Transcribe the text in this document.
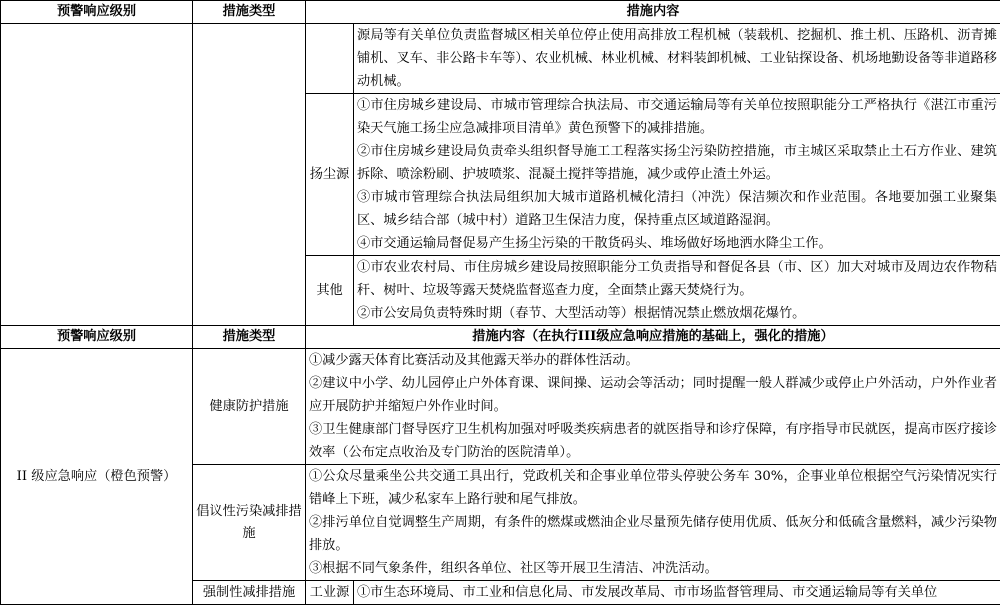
预警响应级别	措施类型	措施内容	

			源局等有关单位负责监督城区相关单位停止使用高排放工程机械（装载机、挖掘机、推土机、压路机、沥青摊铺机、叉车、非公路卡车等）、农业机械、林业机械、材料装卸机械、工业钻探设备、机场地勤设备等非道路移动机械。

		扬尘源	①市住房城乡建设局、市城市管理综合执法局、市交通运输局等有关单位按照职能分工严格执行《湛江市重污染天气施工扬尘应急减排项目清单》黄色预警下的减排措施。

②市住房城乡建设局负责牵头组织督导施工工程落实扬尘污染防控措施，市主城区采取禁止土石方作业、建筑拆除、喷涂粉刷、护坡喷浆、混凝土搅拌等措施，减少或停止渣土外运。

③市城市管理综合执法局组织加大城市道路机械化清扫（冲洗）保洁频次和作业范围。各地要加强工业聚集区、城乡结合部（城中村）道路卫生保洁力度，保持重点区域道路湿润。

④市交通运输局督促易产生扬尘污染的干散货码头、堆场做好场地洒水降尘工作。

		其他	①市农业农村局、市住房城乡建设局按照职能分工负责指导和督促各县（市、区）加大对城市及周边农作物秸秆、树叶、垃圾等露天焚烧监督巡查力度，全面禁止露天焚烧行为。

②市公安局负责特殊时期（春节、大型活动等）根据情况禁止燃放烟花爆竹。

预警响应级别	措施类型	措施内容（在执行III级应急响应措施的基础上，强化的措施）	
II 级应急响应（橙色预警）	健康防护措施	①减少露天体育比赛活动及其他露天举办的群体性活动。

②建议中小学、幼儿园停止户外体育课、课间操、运动会等活动；同时提醒一般人群减少或停止户外活动，户外作业者应开展防护并缩短户外作业时间。

③卫生健康部门督导医疗卫生机构加强对呼吸类疾病患者的就医指导和诊疗保障，有序指导市民就医，提高市医疗接诊效率（公布定点收治及专门防治的医院清单）。	

	倡议性污染减排措施	①公众尽量乘坐公共交通工具出行，党政机关和企事业单位带头停驶公务车 30%，企事业单位根据空气污染情况实行错峰上下班，减少私家车上路行驶和尾气排放。

②排污单位自觉调整生产周期，有条件的燃煤或燃油企业尽量预先储存使用优质、低灰分和低硫含量燃料，减少污染物排放。

③根据不同气象条件，组织各单位、社区等开展卫生清洁、冲洗活动。	

	强制性减排措施	工业源	①市生态环境局、市工业和信息化局、市发展改革局、市市场监督管理局、市交通运输局等有关单位
